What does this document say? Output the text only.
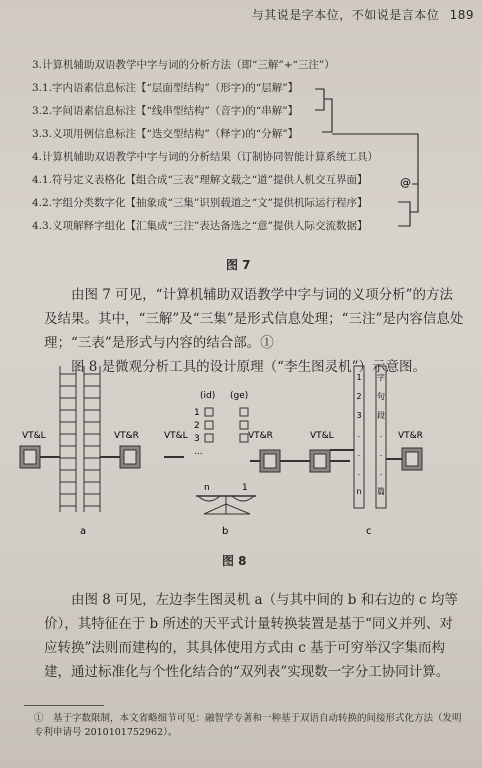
与其说是字本位，不如说是言本位 189
3.计算机辅助双语教学中字与词的分析方法（即“三解”+“三注”）
3.1.字内语素信息标注【“层面型结构”（形字)的“层解”】
3.2.字间语素信息标注【“线串型结构”（音字)的“串解”】
3.3.义项用例信息标注【“迭交型结构”（释字)的“分解”】
4.计算机辅助双语教学中字与词的分析结果（订制协同智能计算系统工具）
4.1.符号定义表格化【组合成“三表”理解文载之“道”提供人机交互界面】
4.2.字组分类数字化【抽象成“三集”识别载道之“文”提供机际运行程序】
4.3.义项解释字组化【汇集成“三注”表达备选之“意”提供人际交流数据】
@
图 7

　　由图 7 可见，“计算机辅助双语教学中字与词的义项分析”的方法及结果。其中，“三解”及“三集”是形式信息处理；“三注”是内容信息处理；“三表”是形式与内容的结合部。①

　　图 8 是微观分析工具的设计原理（“李生图灵机”）示意图。

VT&L	VT&R	VT&L	VT&R	VT&L	VT&R
(id) (ge)
1
2
3
...
n	1
1
2
3
.
.
.
n
字
句
段
.
.
.
篇
a	b	c
图 8

　　由图 8 可见，左边李生图灵机 a（与其中间的 b 和右边的 c 均等价），其特征在于 b 所述的天平式计量转换装置是基于“同义并列、对应转换”法则而建构的，其具体使用方式由 c 基于可穷举汉字集而构建，通过标准化与个性化结合的“双列表”实现数一字分工协同计算。

①　基于字数限制，本文省略细节可见：融智学专著和一种基于双语自动转换的间接形式化方法（发明专利申请号 2010101752962）。
